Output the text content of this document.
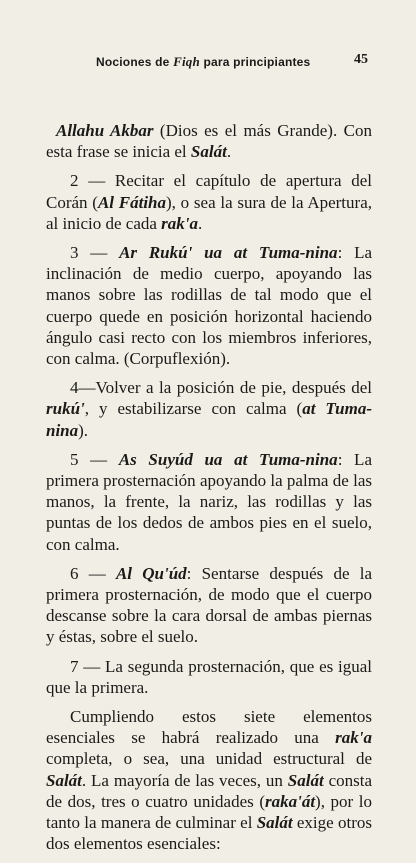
Nociones de Fiqh para principiantes	45

Allahu Akbar (Dios es el más Grande). Con esta frase se inicia el Salát.

2 — Recitar el capítulo de apertura del Corán (Al Fátiha), o sea la sura de la Apertura, al inicio de cada rak'a.

3 — Ar Rukú' ua at Tuma-nina: La inclinación de medio cuerpo, apoyando las manos sobre las rodillas de tal modo que el cuerpo quede en posición horizontal haciendo ángulo casi recto con los miembros inferiores, con calma. (Corpuflexión).

4—Volver a la posición de pie, después del rukú', y estabilizarse con calma (at Tuma-nina).

5 — As Suyúd ua at Tuma-nina: La primera prosternación apoyando la palma de las manos, la frente, la nariz, las rodillas y las puntas de los dedos de ambos pies en el suelo, con calma.

6 — Al Qu'úd: Sentarse después de la primera prosternación, de modo que el cuerpo descanse sobre la cara dorsal de ambas piernas y éstas, sobre el suelo.

7 — La segunda prosternación, que es igual que la primera.

Cumpliendo estos siete elementos esenciales se habrá realizado una rak'a completa, o sea, una unidad estructural de Salát. La mayoría de las veces, un Salát consta de dos, tres o cuatro unidades (raka'át), por lo tanto la manera de culminar el Salát exige otros dos elementos esenciales:
